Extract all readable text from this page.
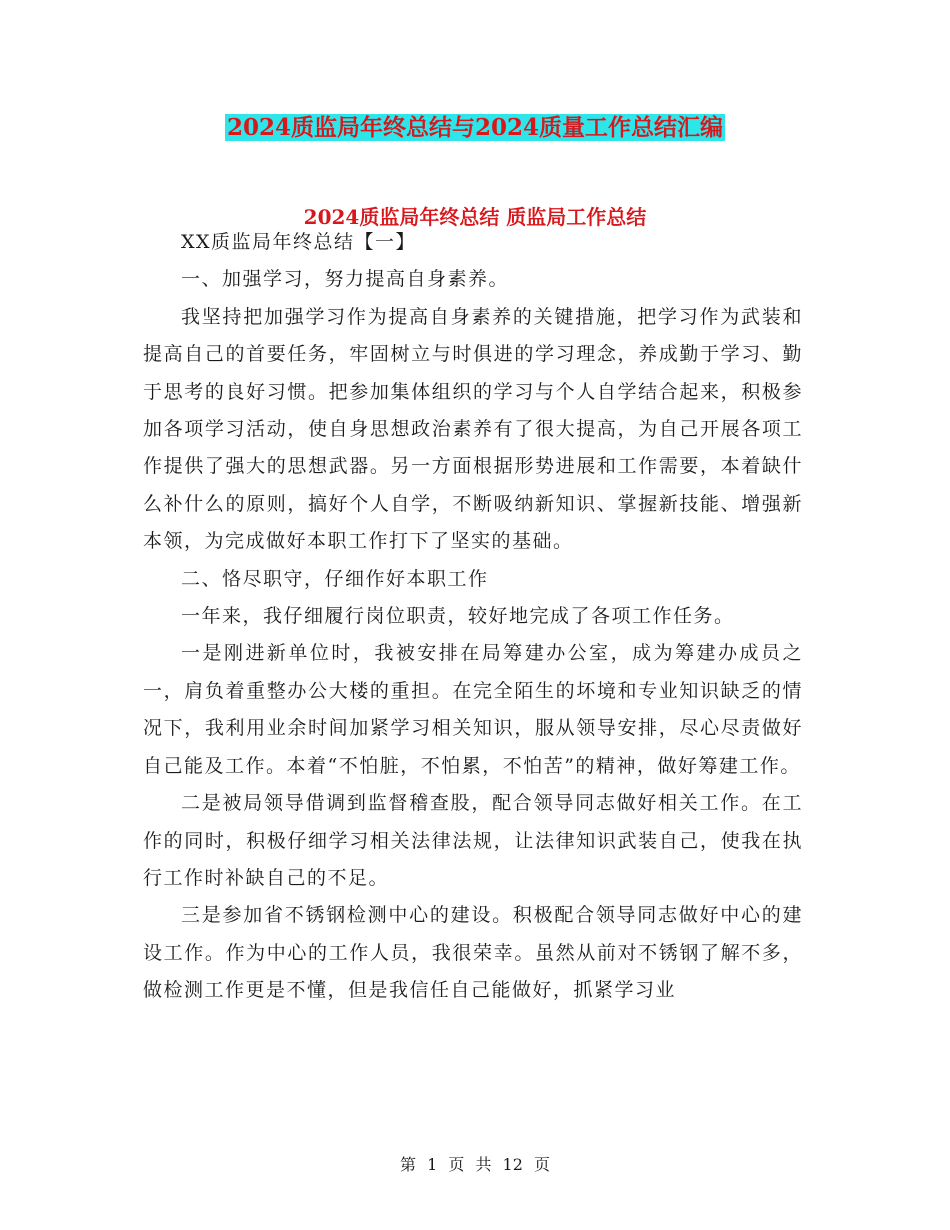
2024质监局年终总结与2024质量工作总结汇编
2024质监局年终总结 质监局工作总结

XX质监局年终总结【一】

一、加强学习，努力提高自身素养。

我坚持把加强学习作为提高自身素养的关键措施，把学习作为武装和提高自己的首要任务，牢固树立与时俱进的学习理念，养成勤于学习、勤于思考的良好习惯。把参加集体组织的学习与个人自学结合起来，积极参加各项学习活动，使自身思想政治素养有了很大提高，为自己开展各项工作提供了强大的思想武器。另一方面根据形势进展和工作需要，本着缺什么补什么的原则，搞好个人自学，不断吸纳新知识、掌握新技能、增强新本领，为完成做好本职工作打下了坚实的基础。

二、恪尽职守，仔细作好本职工作

一年来，我仔细履行岗位职责，较好地完成了各项工作任务。

一是刚进新单位时，我被安排在局筹建办公室，成为筹建办成员之一，肩负着重整办公大楼的重担。在完全陌生的坏境和专业知识缺乏的情况下，我利用业余时间加紧学习相关知识，服从领导安排，尽心尽责做好自己能及工作。本着“不怕脏，不怕累，不怕苦”的精神，做好筹建工作。

二是被局领导借调到监督稽查股，配合领导同志做好相关工作。在工作的同时，积极仔细学习相关法律法规，让法律知识武装自己，使我在执行工作时补缺自己的不足。

三是参加省不锈钢检测中心的建设。积极配合领导同志做好中心的建设工作。作为中心的工作人员，我很荣幸。虽然从前对不锈钢了解不多，做检测工作更是不懂，但是我信任自己能做好，抓紧学习业

第 1 页 共 12 页
